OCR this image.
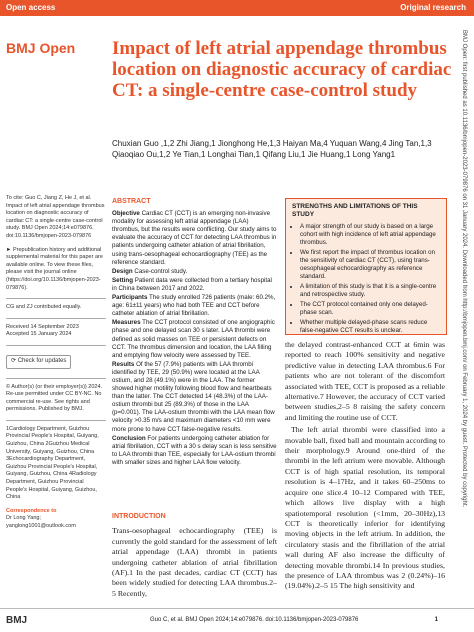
Open access	Original research
BMJ Open Impact of left atrial appendage thrombus location on diagnostic accuracy of cardiac CT: a single-centre case-control study
Chuxian Guo ,1,2 Zhi Jiang,1 Jionghong He,1,3 Haiyan Ma,4 Yuquan Wang,4 Jing Tan,1,3 Qiaoqiao Ou,1,2 Ye Tian,1 Longhai Tian,1 Qifang Liu,1 Jie Huang,1 Long Yang1

To cite: Guo C, Jiang Z, He J, et al. Impact of left atrial appendage thrombus location on diagnostic accuracy of cardiac CT: a single-centre case-control study. BMJ Open 2024;14:e079876. doi:10.1136/bmjopen-2023-079876

► Prepublication history and additional supplemental material for this paper are available online. To view these files, please visit the journal online (https://doi.org/10.1136/bmjopen-2023-079876).

CG and ZJ contributed equally.

Received 14 September 2023

Accepted 15 January 2024

⟳ Check for updates

© Author(s) (or their employer(s)) 2024. Re-use permitted under CC BY-NC. No commercial re-use. See rights and permissions. Published by BMJ.

1Cardiology Department, Guizhou Provincial People's Hospital, Guiyang, Guizhou, China 2Guizhou Medical University, Guiyang, Guizhou, China 3Echocardiography Department, Guizhou Provincial People's Hospital, Guiyang, Guizhou, China 4Radiology Department, Guizhou Provincial People's Hospital, Guiyang, Guizhou, China

Correspondence to

Dr Long Yang; yanglong1001@outlook.com

ABSTRACT

Objective Cardiac CT (CCT) is an emerging non-invasive modality for assessing left atrial appendage (LAA) thrombus, but the results were conflicting. Our study aims to evaluate the accuracy of CCT for detecting LAA thrombus in patients undergoing catheter ablation of atrial fibrillation, using trans-oesophageal echocardiography (TEE) as the reference standard.

Design Case-control study.

Setting Patient data were collected from a tertiary hospital in China between 2017 and 2022.

Participants The study enrolled 726 patients (male: 60.2%, age: 61±11 years) who had both TEE and CCT before catheter ablation of atrial fibrillation.

Measures The CCT protocol consisted of one angiographic phase and one delayed scan 30 s later. LAA thrombi were defined as solid masses on TEE or persistent defects on CCT. The thrombus dimension and location, the LAA filling and emptying flow velocity were assessed by TEE.

Results Of the 57 (7.9%) patients with LAA thrombi identified by TEE, 29 (50.9%) were located at the LAA ostium, and 28 (49.1%) were in the LAA. The former showed higher motility following blood flow and heartbeats than the latter. The CCT detected 14 (48.3%) of the LAA-ostium thrombi but 25 (89.3%) of those in the LAA (p=0.001). The LAA-ostium thrombi with the LAA mean flow velocity >0.35 m/s and maximum diameters <10 mm were more prone to have CCT false-negative results.

Conclusion For patients undergoing catheter ablation for atrial fibrillation, CCT with a 30 s delay scan is less sensitive to LAA thrombi than TEE, especially for LAA-ostium thrombi with smaller sizes and higher LAA flow velocity.

STRENGTHS AND LIMITATIONS OF THIS STUDY
• A major strength of our study is based on a large cohort with high incidence of left atrial appendage thrombus.
• We first report the impact of thrombus location on the sensitivity of cardiac CT (CCT), using trans-oesophageal echocardiography as reference standard.
• A limitation of this study is that it is a single-centre and retrospective study.
• The CCT protocol contained only one delayed-phase scan.
• Whether multiple delayed-phase scans reduce false-negative CCT results is unclear.

the delayed contrast-enhanced CCT at 6min was reported to reach 100% sensitivity and negative predictive value in detecting LAA thrombus.6 For patients who are not tolerant of the discomfort associated with TEE, CCT is proposed as a reliable alternative.7 However, the accuracy of CCT varied between studies,2–5 8 raising the safety concern and limiting the routine use of CCT.

The left atrial thrombi were classified into a movable ball, fixed ball and mountain according to their morphology.9 Around one-third of the thrombi in the left atrium were movable. Although CCT is of high spatial resolution, its temporal resolution is 4–17Hz, and it takes 60–250ms to acquire one slice.4 10–12 Compared with TEE, which allows live display with a high spatiotemporal resolution (<1mm, 20–30Hz),13 CCT is theoretically inferior for identifying moving objects in the left atrium. In addition, the circulatory stasis and the fibrillation of the atrial wall during AF also increase the difficulty of detecting movable thrombi.14 In previous studies, the presence of LAA thrombus was 2 (0.24%)–16 (19.04%).2–5 15 The high sensitivity and

INTRODUCTION
Trans-oesophageal echocardiography (TEE) is currently the gold standard for the assessment of left atrial appendage (LAA) thrombi in patients undergoing catheter ablation of atrial fibrillation (AF).1 In the past decades, cardiac CT (CCT) has been widely studied for detecting LAA thrombus.2–5 Recently,
BMJ Open: first published as 10.1136/bmjopen-2023-079876 on 31 January 2024. Downloaded from http://bmjopen.bmj.com/ on February 1, 2024 by guest. Protected by copyright.
BMJ	Guo C, et al. BMJ Open 2024;14:e079876. doi:10.1136/bmjopen-2023-079876	1
